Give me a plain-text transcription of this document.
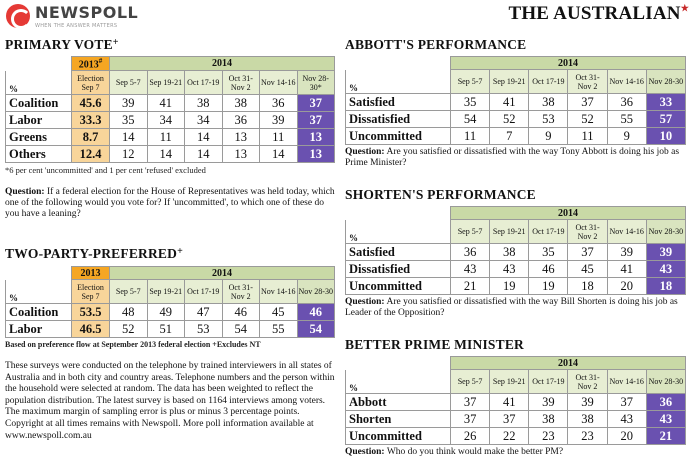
NEWSPOLL
WHEN THE ANSWER MATTERS
THE AUSTRALIAN★
PRIMARY VOTE+
	2013#	2014					
%	Election Sep 7	Sep 5-7	Sep 19-21	Oct 17-19	Oct 31- Nov 2	Nov 14-16	Nov 28-30*
Coalition	45.6	39	41	38	38	36	37
Labor	33.3	35	34	34	36	39	37
Greens	8.7	14	11	14	13	11	13
Others	12.4	12	14	14	13	14	13
*6 per cent 'uncommitted' and 1 per cent 'refused' excluded
Question: If a federal election for the House of Representatives was held today, which one of the following would you vote for? If 'uncommitted', to which one of these do you have a leaning?
TWO-PARTY-PREFERRED+
	2013	2014					
%	Election Sep 7	Sep 5-7	Sep 19-21	Oct 17-19	Oct 31- Nov 2	Nov 14-16	Nov 28-30
Coalition	53.5	48	49	47	46	45	46
Labor	46.5	52	51	53	54	55	54
Based on preference flow at September 2013 federal election +Excludes NT
These surveys were conducted on the telephone by trained interviewers in all states of Australia and in both city and country areas. Telephone numbers and the person within the household were selected at random. The data has been weighted to reflect the population distribution. The latest survey is based on 1164 interviews among voters. The maximum margin of sampling error is plus or minus 3 percentage points. Copyright at all times remains with Newspoll. More poll information available at www.newspoll.com.au
ABBOTT'S PERFORMANCE
	2014					
%	Sep 5-7	Sep 19-21	Oct 17-19	Oct 31- Nov 2	Nov 14-16	Nov 28-30
Satisfied	35	41	38	37	36	33
Dissatisfied	54	52	53	52	55	57
Uncommitted	11	7	9	11	9	10
Question: Are you satisfied or dissatisfied with the way Tony Abbott is doing his job as Prime Minister?
SHORTEN'S PERFORMANCE
	2014					
%	Sep 5-7	Sep 19-21	Oct 17-19	Oct 31- Nov 2	Nov 14-16	Nov 28-30
Satisfied	36	38	35	37	39	39
Dissatisfied	43	43	46	45	41	43
Uncommitted	21	19	19	18	20	18
Question: Are you satisfied or dissatisfied with the way Bill Shorten is doing his job as Leader of the Opposition?
BETTER PRIME MINISTER
	2014					
%	Sep 5-7	Sep 19-21	Oct 17-19	Oct 31- Nov 2	Nov 14-16	Nov 28-30
Abbott	37	41	39	39	37	36
Shorten	37	37	38	38	43	43
Uncommitted	26	22	23	23	20	21
Question: Who do you think would make the better PM?
